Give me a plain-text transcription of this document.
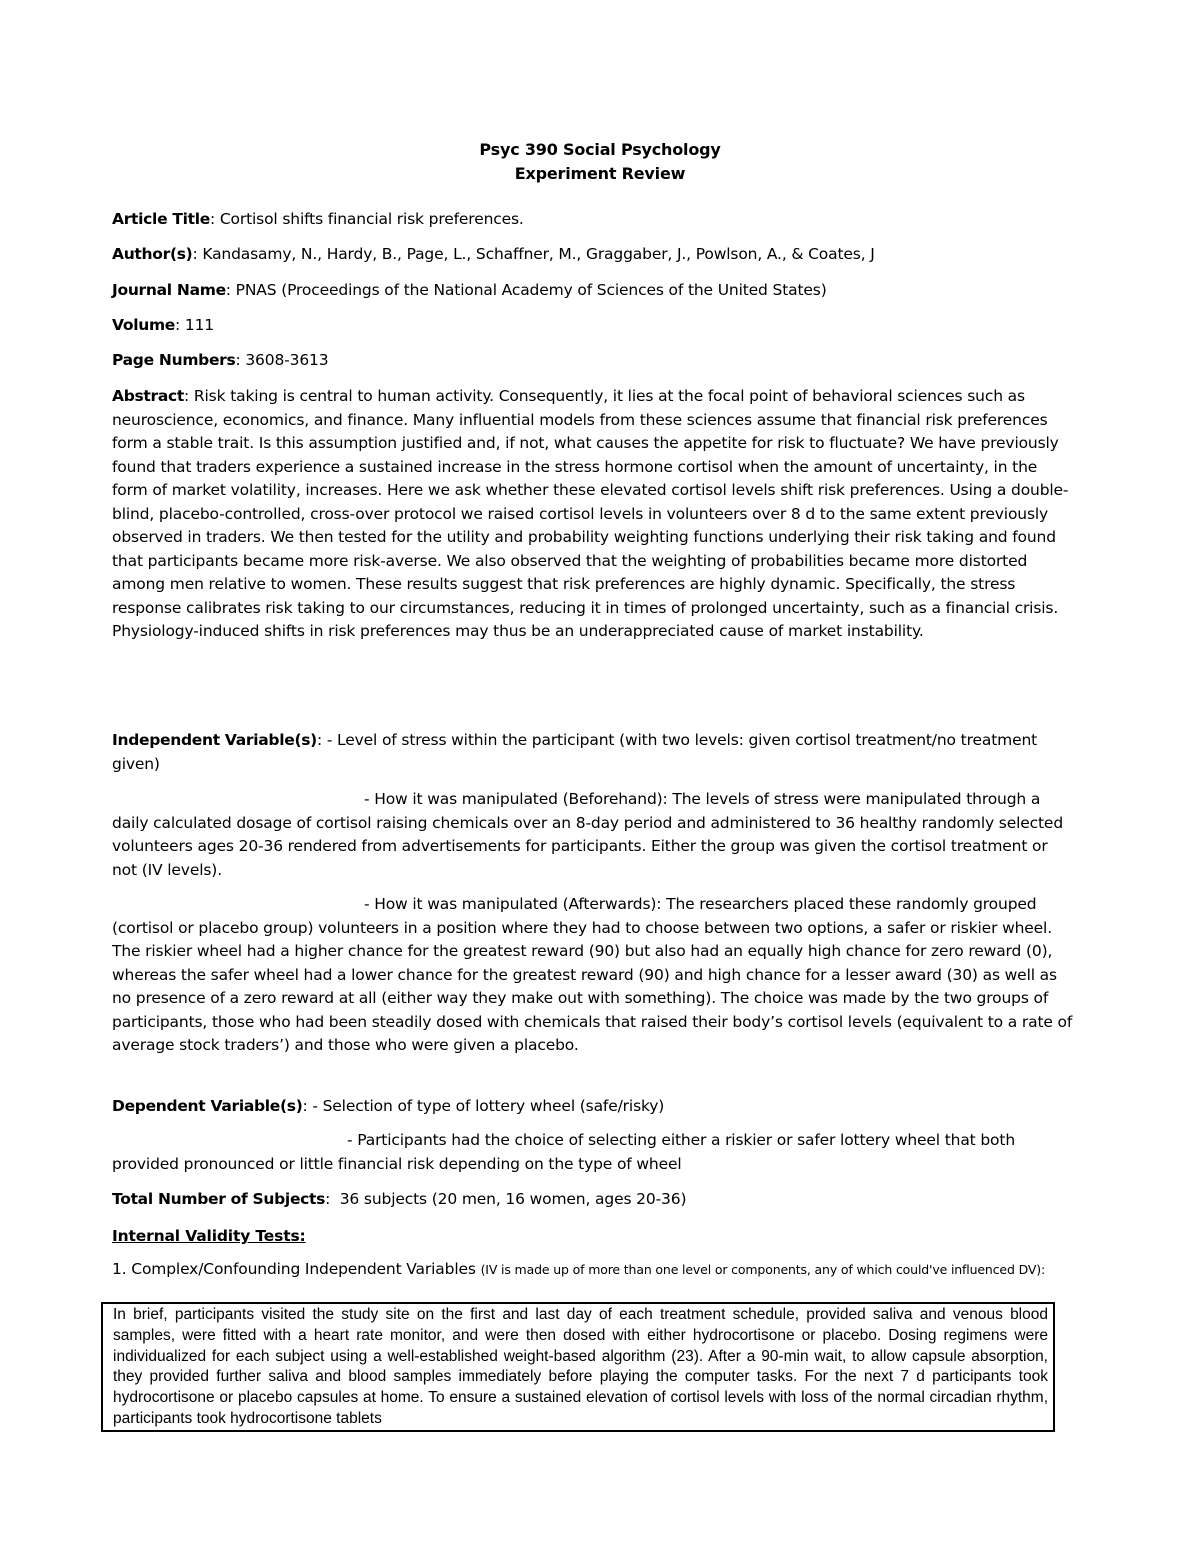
Psyc 390 Social Psychology
Experiment Review
Article Title: Cortisol shifts financial risk preferences.
Author(s): Kandasamy, N., Hardy, B., Page, L., Schaffner, M., Graggaber, J., Powlson, A., & Coates, J
Journal Name: PNAS (Proceedings of the National Academy of Sciences of the United States)
Volume: 111
Page Numbers: 3608-3613
Abstract: Risk taking is central to human activity. Consequently, it lies at the focal point of behavioral sciences such as neuroscience, economics, and finance. Many influential models from these sciences assume that financial risk preferences form a stable trait. Is this assumption justified and, if not, what causes the appetite for risk to fluctuate? We have previously found that traders experience a sustained increase in the stress hormone cortisol when the amount of uncertainty, in the form of market volatility, increases. Here we ask whether these elevated cortisol levels shift risk preferences. Using a double-blind, placebo-controlled, cross-over protocol we raised cortisol levels in volunteers over 8 d to the same extent previously observed in traders. We then tested for the utility and probability weighting functions underlying their risk taking and found that participants became more risk-averse. We also observed that the weighting of probabilities became more distorted among men relative to women. These results suggest that risk preferences are highly dynamic. Specifically, the stress response calibrates risk taking to our circumstances, reducing it in times of prolonged uncertainty, such as a financial crisis. Physiology-induced shifts in risk preferences may thus be an underappreciated cause of market instability.
Independent Variable(s): - Level of stress within the participant (with two levels: given cortisol treatment/no treatment given)
- How it was manipulated (Beforehand): The levels of stress were manipulated through a daily calculated dosage of cortisol raising chemicals over an 8-day period and administered to 36 healthy randomly selected volunteers ages 20-36 rendered from advertisements for participants. Either the group was given the cortisol treatment or not (IV levels).
- How it was manipulated (Afterwards): The researchers placed these randomly grouped (cortisol or placebo group) volunteers in a position where they had to choose between two options, a safer or riskier wheel. The riskier wheel had a higher chance for the greatest reward (90) but also had an equally high chance for zero reward (0), whereas the safer wheel had a lower chance for the greatest reward (90) and high chance for a lesser award (30) as well as no presence of a zero reward at all (either way they make out with something). The choice was made by the two groups of participants, those who had been steadily dosed with chemicals that raised their body’s cortisol levels (equivalent to a rate of average stock traders’) and those who were given a placebo.
Dependent Variable(s): - Selection of type of lottery wheel (safe/risky)
- Participants had the choice of selecting either a riskier or safer lottery wheel that both provided pronounced or little financial risk depending on the type of wheel
Total Number of Subjects:  36 subjects (20 men, 16 women, ages 20-36)
Internal Validity Tests:
1. Complex/Confounding Independent Variables (IV is made up of more than one level or components, any of which could've influenced DV):
In brief, participants visited the study site on the first and last day of each treatment schedule, provided saliva and venous blood samples, were fitted with a heart rate monitor, and were then dosed with either hydrocortisone or placebo. Dosing regimens were individualized for each subject using a well-established weight-based algorithm (23). After a 90-min wait, to allow capsule absorption, they provided further saliva and blood samples immediately before playing the computer tasks. For the next 7 d participants took hydrocortisone or placebo capsules at home. To ensure a sustained elevation of cortisol levels with loss of the normal circadian rhythm, participants took hydrocortisone tablets
